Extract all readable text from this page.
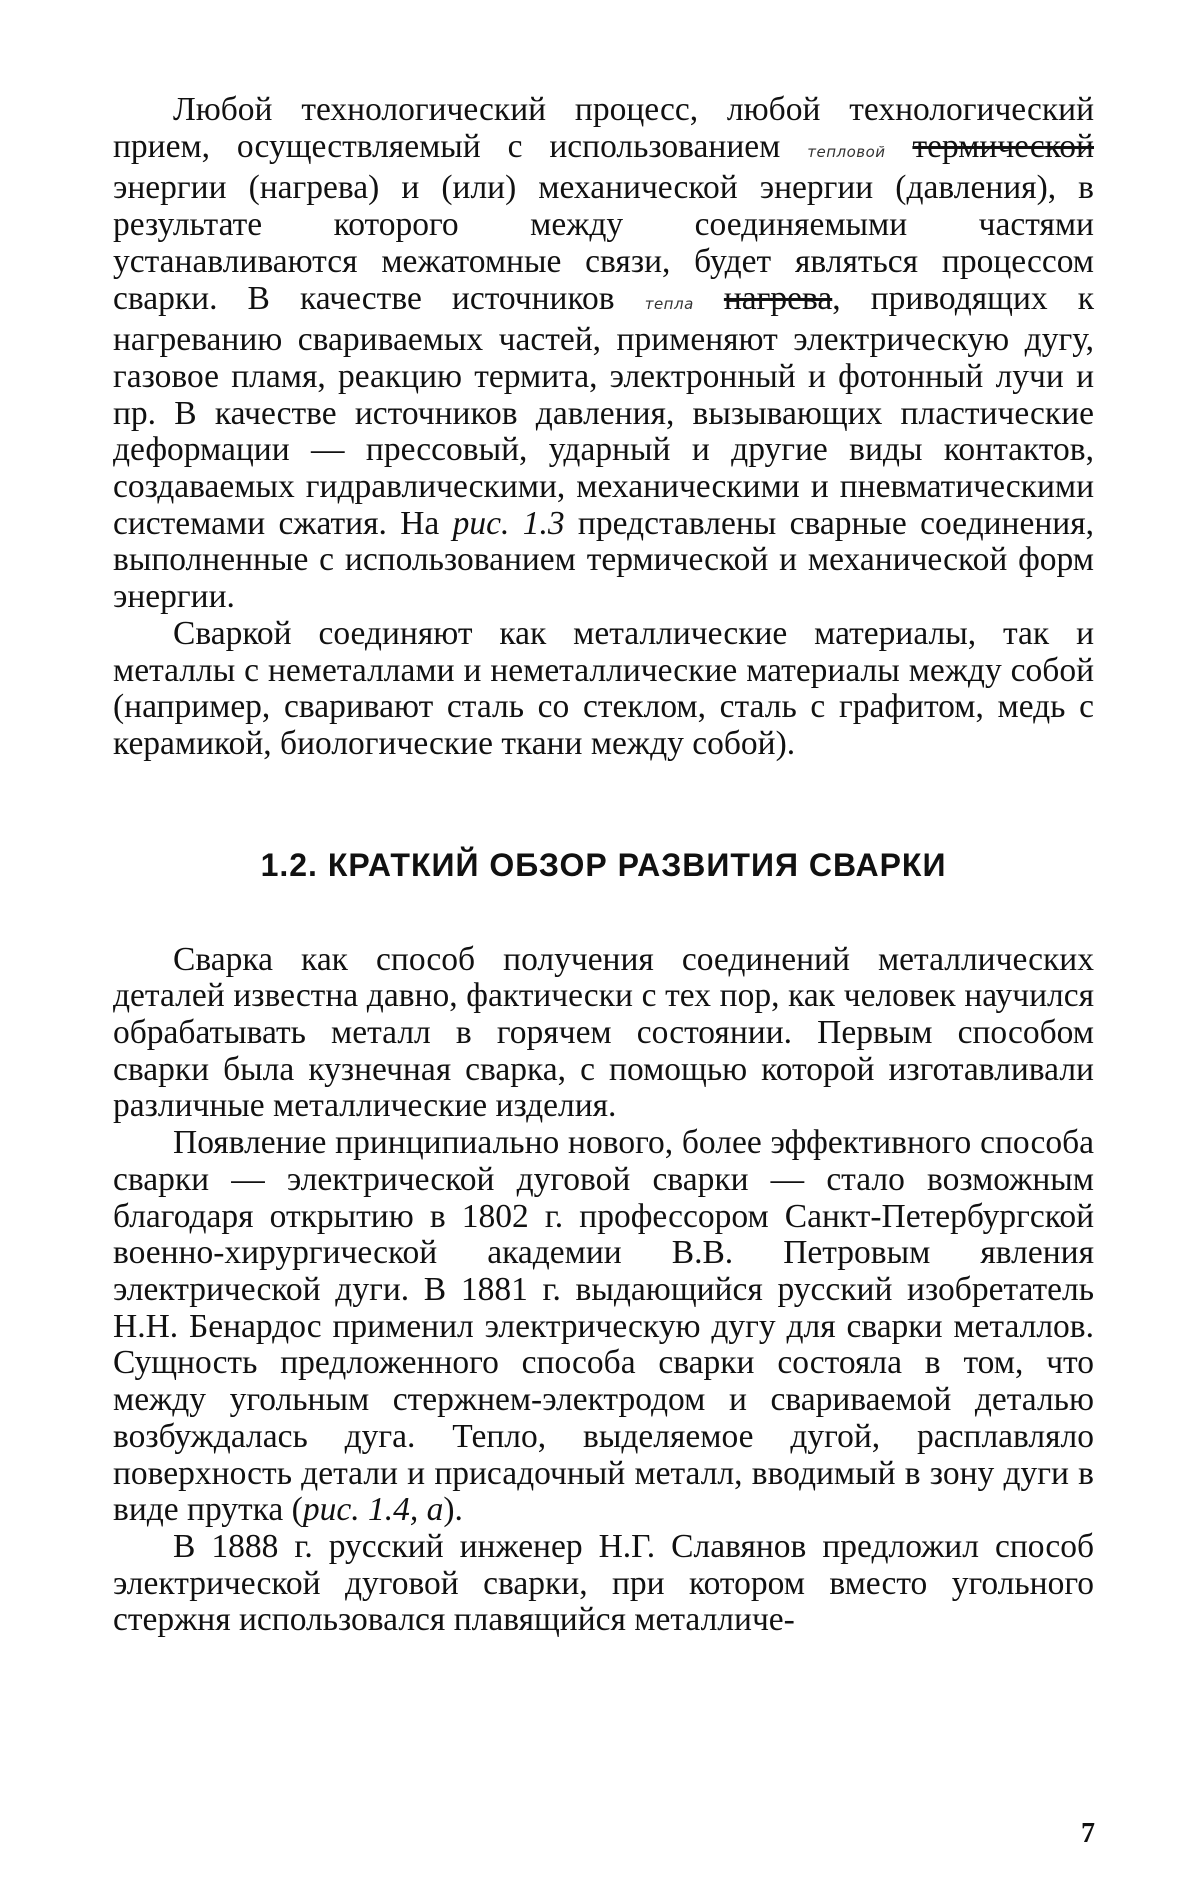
Любой технологический процесс, любой технологический прием, осуществляемый с использованием тепловой термической энергии (нагрева) и (или) механической энергии (давления), в результате которого между соединяемыми частями устанавливаются межатомные связи, будет являться процессом сварки. В качестве источников тепла нагрева, приводящих к нагреванию свариваемых частей, применяют электрическую дугу, газовое пламя, реакцию термита, электронный и фотонный лучи и пр. В качестве источников давления, вызывающих пластические деформации — прессовый, ударный и другие виды контактов, создаваемых гидравлическими, механическими и пневматическими системами сжатия. На рис. 1.3 представлены сварные соединения, выполненные с использованием термической и механической форм энергии.

Сваркой соединяют как металлические материалы, так и металлы с неметаллами и неметаллические материалы между собой (например, сваривают сталь со стеклом, сталь с графитом, медь с керамикой, биологические ткани между собой).

1.2. КРАТКИЙ ОБЗОР РАЗВИТИЯ СВАРКИ

Сварка как способ получения соединений металлических деталей известна давно, фактически с тех пор, как человек научился обрабатывать металл в горячем состоянии. Первым способом сварки была кузнечная сварка, с помощью которой изготавливали различные металлические изделия.

Появление принципиально нового, более эффективного способа сварки — электрической дуговой сварки — стало возможным благодаря открытию в 1802 г. профессором Санкт-Петербургской военно-хирургической академии В.В. Петровым явления электрической дуги. В 1881 г. выдающийся русский изобретатель Н.Н. Бенардос применил электрическую дугу для сварки металлов. Сущность предложенного способа сварки состояла в том, что между угольным стержнем-электродом и свариваемой деталью возбуждалась дуга. Тепло, выделяемое дугой, расплавляло поверхность детали и присадочный металл, вводимый в зону дуги в виде прутка (рис. 1.4, а).

В 1888 г. русский инженер Н.Г. Славянов предложил способ электрической дуговой сварки, при котором вместо угольного стержня использовался плавящийся металличе-

7
